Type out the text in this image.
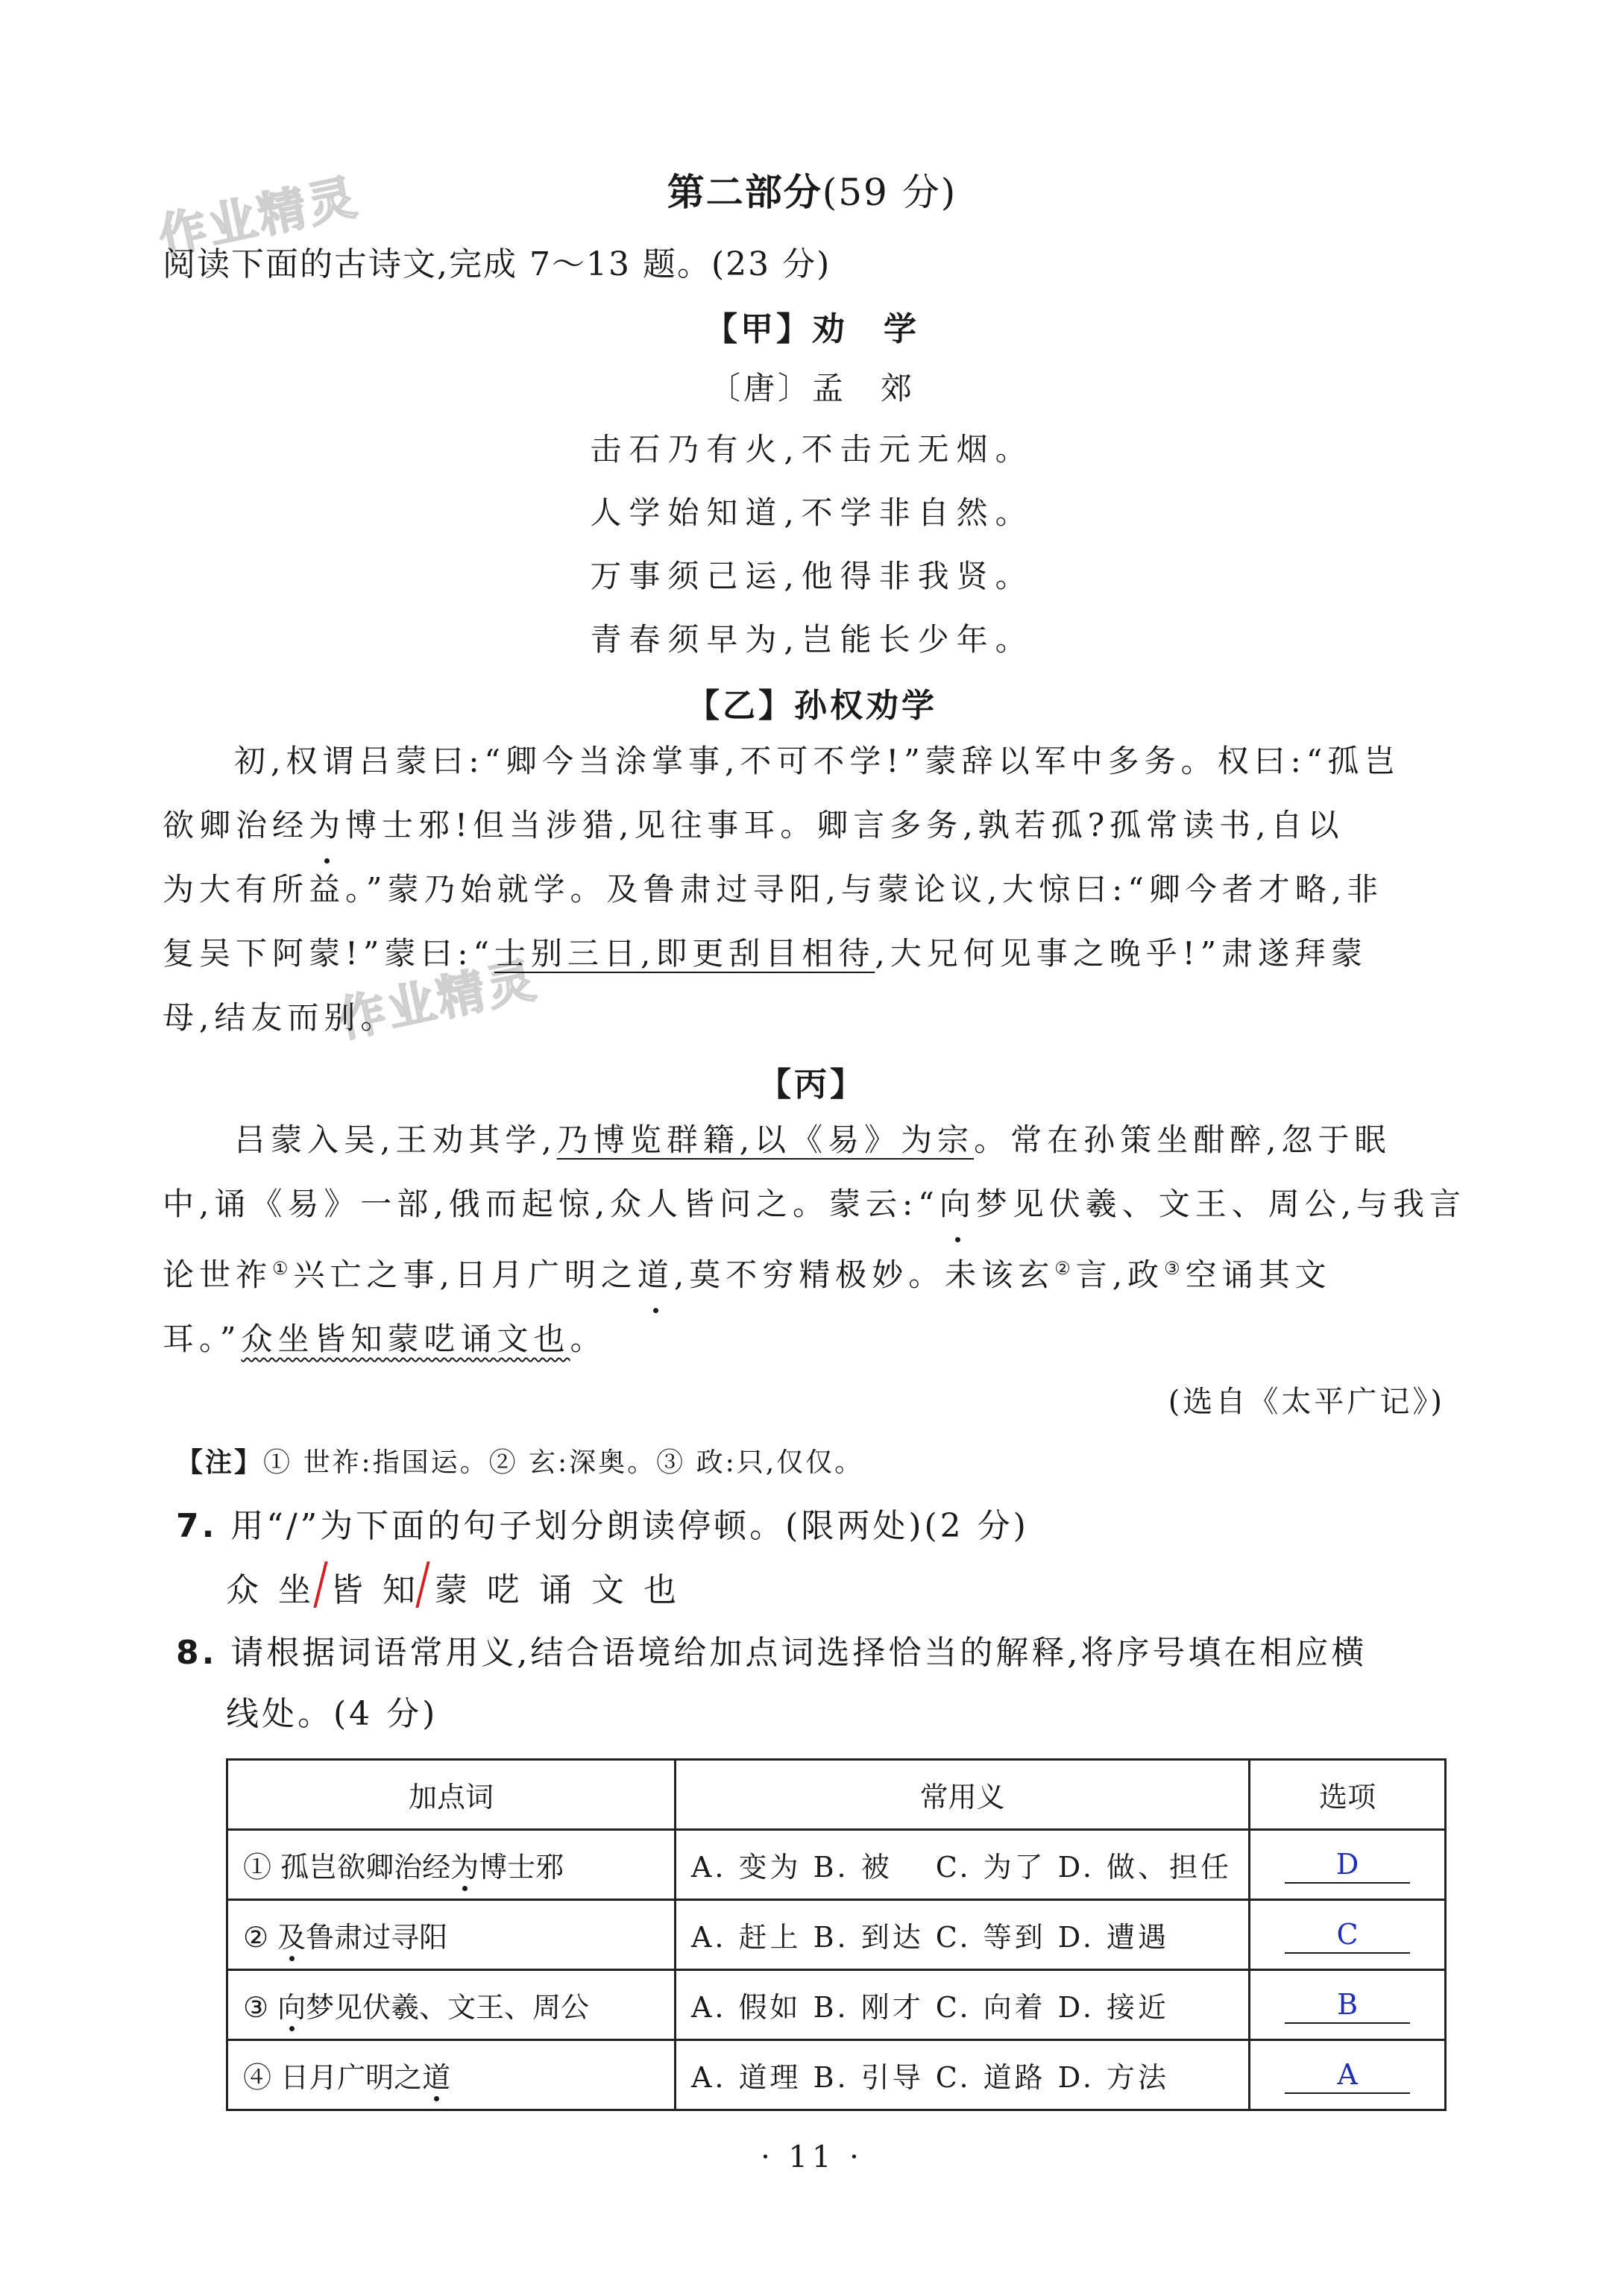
作业精灵
作业精灵
第二部分(59 分)
阅读下面的古诗文,完成 7～13 题。(23 分)
【甲】劝　学
〔唐〕孟　郊
击石乃有火,不击元无烟。
人学始知道,不学非自然。
万事须己运,他得非我贤。
青春须早为,岂能长少年。
【乙】孙权劝学
初,权谓吕蒙曰:“卿今当涂掌事,不可不学!”蒙辞以军中多务。权曰:“孤岂
欲卿治经为博士邪!但当涉猎,见往事耳。卿言多务,孰若孤?孤常读书,自以
为大有所益。”蒙乃始就学。及鲁肃过寻阳,与蒙论议,大惊曰:“卿今者才略,非
复吴下阿蒙!”蒙曰:“士别三日,即更刮目相待,大兄何见事之晚乎!”肃遂拜蒙
母,结友而别。
【丙】
吕蒙入吴,王劝其学,乃博览群籍,以《易》为宗。常在孙策坐酣醉,忽于眠
中,诵《易》一部,俄而起惊,众人皆问之。蒙云:“向梦见伏羲、文王、周公,与我言
论世祚①兴亡之事,日月广明之道,莫不穷精极妙。未该玄②言,政③空诵其文
耳。”众坐皆知蒙呓诵文也。
(选自《太平广记》)
【注】① 世祚:指国运。② 玄:深奥。③ 政:只,仅仅。
7. 用“/”为下面的句子划分朗读停顿。(限两处)(2 分)
众 坐 皆 知 蒙 呓 诵 文 也
8. 请根据词语常用义,结合语境给加点词选择恰当的解释,将序号填在相应横
线处。(4 分)
加点词	常用义	选项
① 孤岂欲卿治经为博士邪	A. 变为 B. 被　 C. 为了 D. 做、担任	D
② 及鲁肃过寻阳	A. 赶上 B. 到达 C. 等到 D. 遭遇	C
③ 向梦见伏羲、文王、周公	A. 假如 B. 刚才 C. 向着 D. 接近	B
④ 日月广明之道	A. 道理 B. 引导 C. 道路 D. 方法	A
· 11 ·
